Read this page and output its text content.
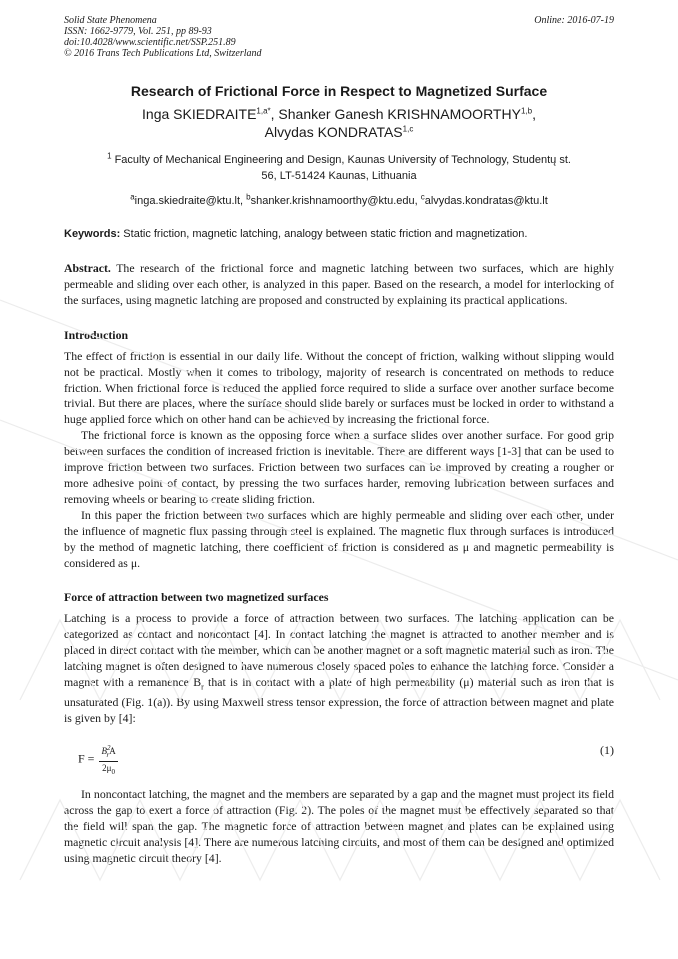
Solid State Phenomena
ISSN: 1662-9779, Vol. 251, pp 89-93
doi:10.4028/www.scientific.net/SSP.251.89
© 2016 Trans Tech Publications Ltd, Switzerland
Online: 2016-07-19
Research of Frictional Force in Respect to Magnetized Surface
Inga $SKIEDRAITE^{1,a*}$, Shanker Ganesh KRISHNAMOORTHY$^{1,b}$,
Alvydas KONDRATAS$^{1,c}$
$^1$ Faculty of Mechanical Engineering and Design, Kaunas University of Technology, Studentų st.
56, LT-51424 Kaunas, Lithuania
$^a$inga.skiedraite@ktu.lt, $^b$shanker.krishnamoorthy@ktu.edu, $^c$alvydas.kondratas@ktu.lt
Keywords: Static friction, magnetic latching, analogy between static friction and magnetization.

Abstract. The research of the frictional force and magnetic latching between two surfaces, which are highly permeable and sliding over each other, is analyzed in this paper. Based on the research, a model for interlocking of the surfaces, using magnetic latching are proposed and constructed by explaining its practical applications.

Introduction

The effect of friction is essential in our daily life. Without the concept of friction, walking without slipping would not be practical. Mostly when it comes to tribology, majority of research is concentrated on methods to reduce friction. When frictional force is reduced the applied force required to slide a surface over another surface become trivial. But there are places, where the surface should slide barely or surfaces must be locked in order to withstand a huge applied force which on other hand can be achieved by increasing the frictional force.

The frictional force is known as the opposing force when a surface slides over another surface. For good grip between surfaces the condition of increased friction is inevitable. There are different ways [1-3] that can be used to improve friction between two surfaces. Friction between two surfaces can be improved by creating a rougher or more adhesive point of contact, by pressing the two surfaces harder, removing lubrication between surfaces and removing wheels or bearing to create sliding friction.

In this paper the friction between two surfaces which are highly permeable and sliding over each other, under the influence of magnetic flux passing through steel is explained. The magnetic flux through surfaces is introduced by the method of magnetic latching, there coefficient of friction is considered as μ and magnetic permeability is considered as μ.

Force of attraction between two magnetized surfaces

Latching is a process to provide a force of attraction between two surfaces. The latching application can be categorized as contact and noncontact [4]. In contact latching the magnet is attracted to another member and is placed in direct contact with the member, which can be another magnet or a soft magnetic material such as iron. The latching magnet is often designed to have numerous closely spaced poles to enhance the latching force. Consider a magnet with a remanence $B_r$ that is in contact with a plate of high permeability (μ) material such as iron that is unsaturated (Fig. 1(a)). By using Maxwell stress tensor expression, the force of attraction between magnet and plate is given by [4]:

$F = \frac{B^2_rA}{2\mu_0}$	(1)

In noncontact latching, the magnet and the members are separated by a gap and the magnet must project its field across the gap to exert a force of attraction (Fig. 2). The poles of the magnet must be effectively separated so that the field will span the gap. The magnetic force of attraction between magnet and plates can be explained using magnetic circuit analysis [4]. There are numerous latching circuits, and most of them can be designed and optimized using magnetic circuit theory [4].
